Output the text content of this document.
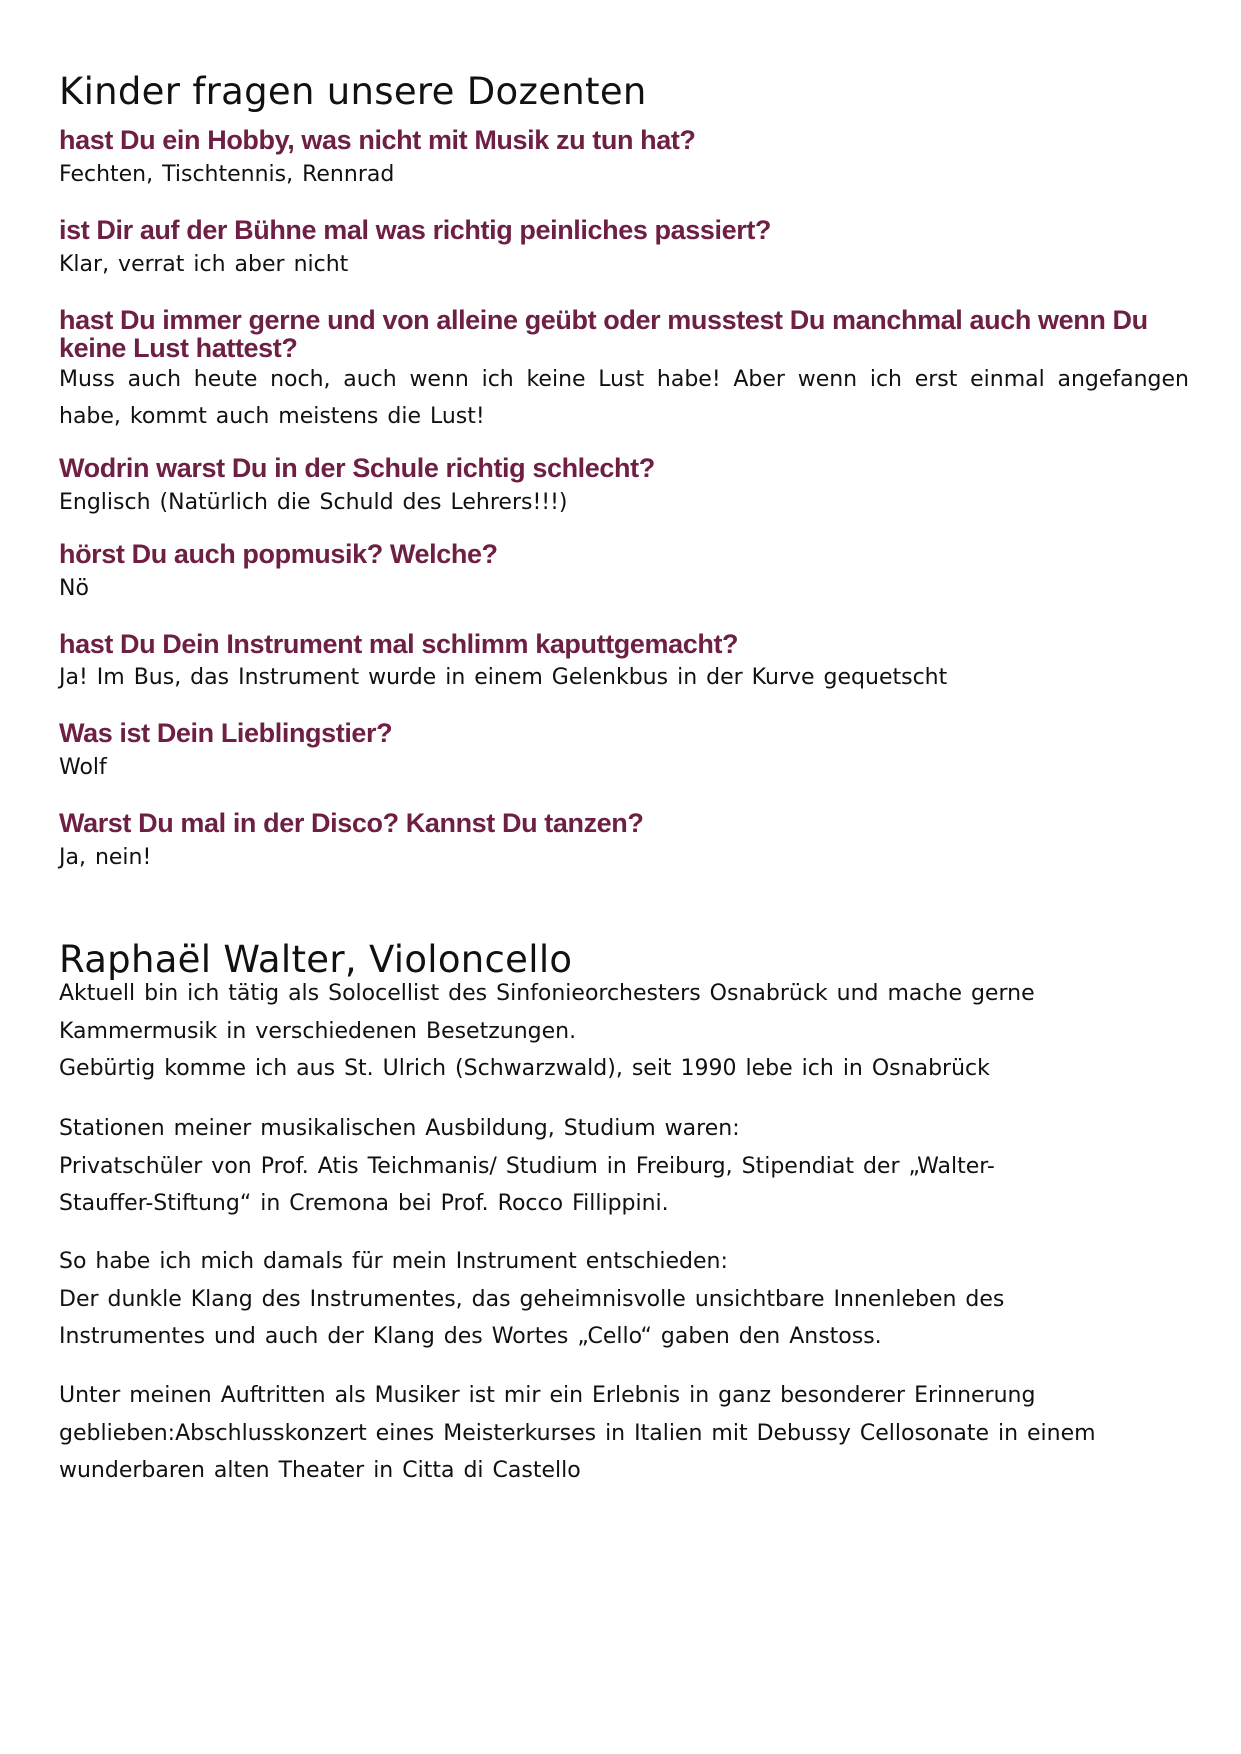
Kinder fragen unsere Dozenten
hast Du ein Hobby, was nicht mit Musik zu tun hat?
Fechten, Tischtennis, Rennrad
ist Dir auf der Bühne mal was richtig peinliches passiert?
Klar, verrat ich aber nicht
hast Du immer gerne und von alleine geübt oder musstest Du manchmal auch wenn Du keine Lust hattest?
Muss auch heute noch, auch wenn ich keine Lust habe! Aber wenn ich erst einmal angefangen habe, kommt auch meistens die Lust!
Wodrin warst Du in der Schule richtig schlecht?
Englisch (Natürlich die Schuld des Lehrers!!!)
hörst Du auch popmusik? Welche?
Nö
hast Du Dein Instrument mal schlimm kaputtgemacht?
Ja! Im Bus, das Instrument wurde in einem Gelenkbus in der Kurve gequetscht
Was ist Dein Lieblingstier?
Wolf
Warst Du mal in der Disco? Kannst Du tanzen?
Ja, nein!
Raphaël Walter, Violoncello

Aktuell bin ich tätig als Solocellist des Sinfonieorchesters Osnabrück und mache gerne
Kammermusik in verschiedenen Besetzungen.
Gebürtig komme ich aus St. Ulrich (Schwarzwald), seit 1990 lebe ich in Osnabrück

Stationen meiner musikalischen Ausbildung, Studium waren:
Privatschüler von Prof. Atis Teichmanis/ Studium in Freiburg, Stipendiat der „Walter-
Stauffer-Stiftung“ in Cremona bei Prof. Rocco Fillippini.

So habe ich mich damals für mein Instrument entschieden:
Der dunkle Klang des Instrumentes, das geheimnisvolle unsichtbare Innenleben des
Instrumentes und auch der Klang des Wortes „Cello“ gaben den Anstoss.

Unter meinen Auftritten als Musiker ist mir ein Erlebnis in ganz besonderer Erinnerung
geblieben:Abschlusskonzert eines Meisterkurses in Italien mit Debussy Cellosonate in einem
wunderbaren alten Theater in Citta di Castello
